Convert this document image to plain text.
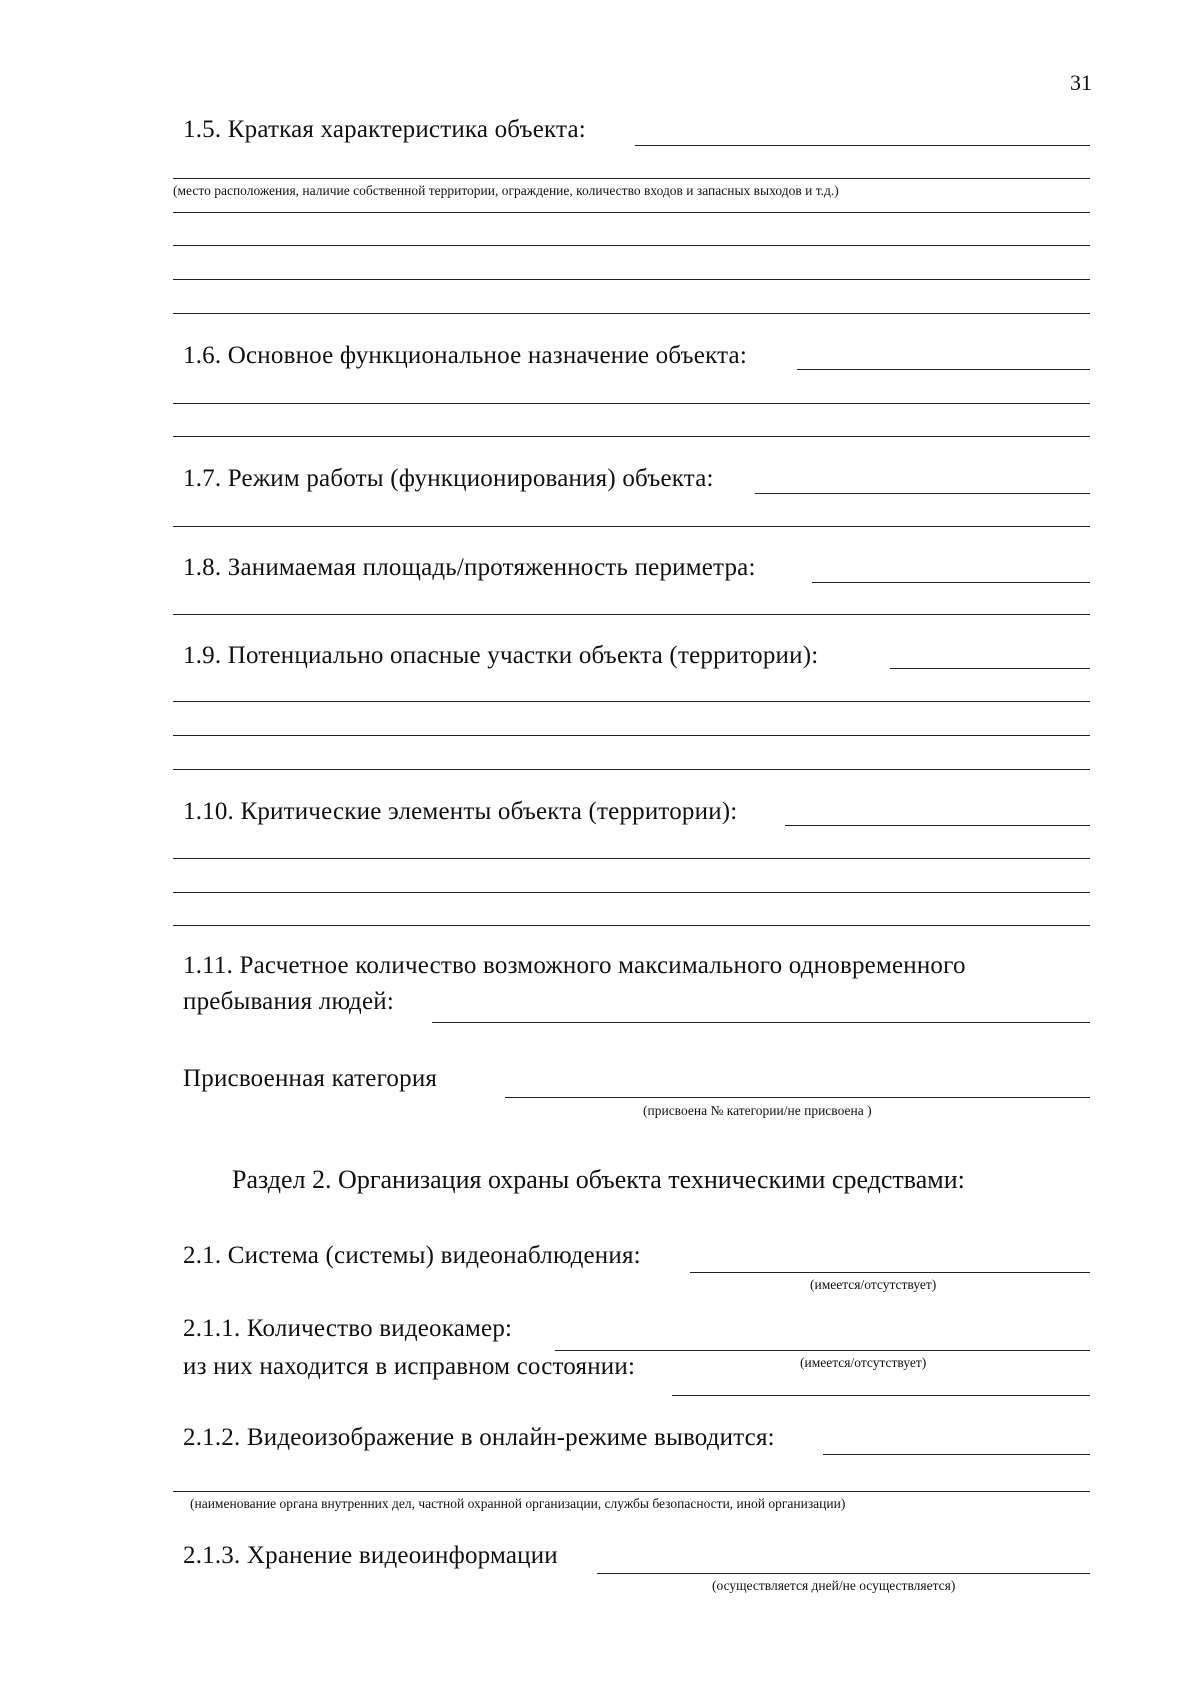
31
1.5. Краткая характеристика объекта:
(место расположения, наличие собственной территории, ограждение, количество входов и запасных выходов и т.д.)
1.6. Основное функциональное назначение объекта:
1.7. Режим работы (функционирования) объекта:
1.8. Занимаемая площадь/протяженность периметра:
1.9. Потенциально опасные участки объекта (территории):
1.10. Критические элементы объекта (территории):
1.11. Расчетное количество возможного максимального одновременного
пребывания людей:
Присвоенная категория
(присвоена № категории/не присвоена )
Раздел 2. Организация охраны объекта техническими средствами:
2.1. Система (системы) видеонаблюдения:
(имеется/отсутствует)
2.1.1. Количество видеокамер:
из них находится в исправном состоянии:	(имеется/отсутствует)
2.1.2. Видеоизображение в онлайн-режиме выводится:
(наименование органа внутренних дел, частной охранной организации, службы безопасности, иной организации)
2.1.3. Хранение видеоинформации
(осуществляется дней/не осуществляется)
